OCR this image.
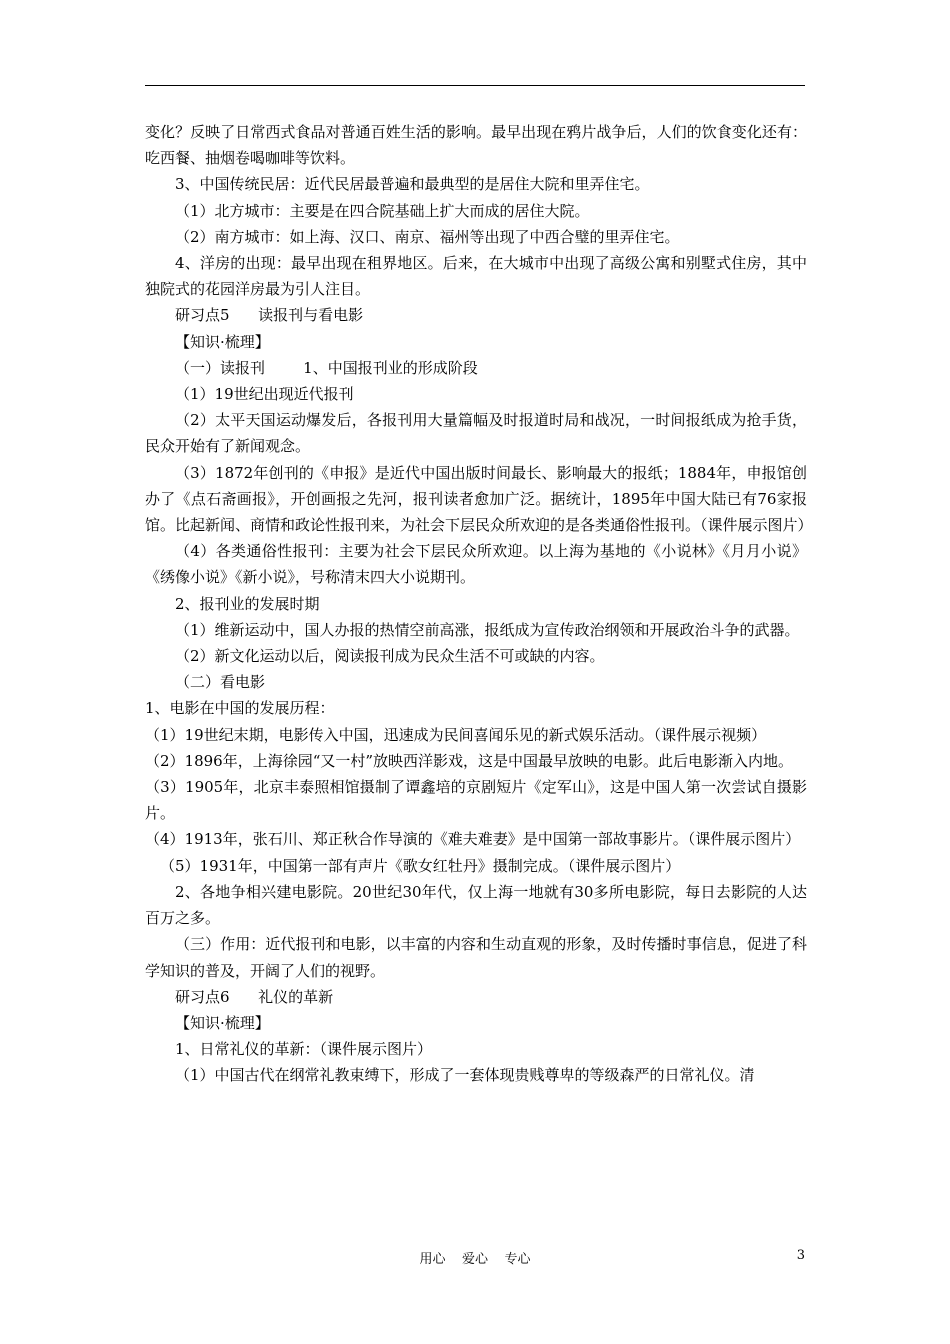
变化？反映了日常西式食品对普通百姓生活的影响。最早出现在鸦片战争后，人们的饮食变化还有：吃西餐、抽烟卷喝咖啡等饮料。

3、中国传统民居：近代民居最普遍和最典型的是居住大院和里弄住宅。

（1）北方城市：主要是在四合院基础上扩大而成的居住大院。

（2）南方城市：如上海、汉口、南京、福州等出现了中西合璧的里弄住宅。

4、洋房的出现：最早出现在租界地区。后来，在大城市中出现了高级公寓和别墅式住房，其中独院式的花园洋房最为引人注目。

研习点5      读报刊与看电影

【知识·梳理】

（一）读报刊        1、中国报刊业的形成阶段

（1）19世纪出现近代报刊

（2）太平天国运动爆发后，各报刊用大量篇幅及时报道时局和战况，一时间报纸成为抢手货，民众开始有了新闻观念。

（3）1872年创刊的《申报》是近代中国出版时间最长、影响最大的报纸；1884年，申报馆创办了《点石斋画报》，开创画报之先河，报刊读者愈加广泛。据统计，1895年中国大陆已有76家报馆。比起新闻、商情和政论性报刊来，为社会下层民众所欢迎的是各类通俗性报刊。（课件展示图片）

（4）各类通俗性报刊：主要为社会下层民众所欢迎。以上海为基地的《小说林》《月月小说》《绣像小说》《新小说》，号称清末四大小说期刊。

2、报刊业的发展时期

（1）维新运动中，国人办报的热情空前高涨，报纸成为宣传政治纲领和开展政治斗争的武器。

（2）新文化运动以后，阅读报刊成为民众生活不可或缺的内容。

（二）看电影

1、电影在中国的发展历程：

（1）19世纪末期，电影传入中国，迅速成为民间喜闻乐见的新式娱乐活动。（课件展示视频）

（2）1896年，上海徐园“又一村”放映西洋影戏，这是中国最早放映的电影。此后电影渐入内地。

（3）1905年，北京丰泰照相馆摄制了谭鑫培的京剧短片《定军山》，这是中国人第一次尝试自摄影片。

（4）1913年，张石川、郑正秋合作导演的《难夫难妻》是中国第一部故事影片。（课件展示图片）

（5）1931年，中国第一部有声片《歌女红牡丹》摄制完成。（课件展示图片）

2、各地争相兴建电影院。20世纪30年代，仅上海一地就有30多所电影院，每日去影院的人达百万之多。

（三）作用：近代报刊和电影，以丰富的内容和生动直观的形象，及时传播时事信息，促进了科学知识的普及，开阔了人们的视野。

研习点6      礼仪的革新

【知识·梳理】

1、日常礼仪的革新：（课件展示图片）

（1）中国古代在纲常礼教束缚下，形成了一套体现贵贱尊卑的等级森严的日常礼仪。清

用心    爱心    专心	3
